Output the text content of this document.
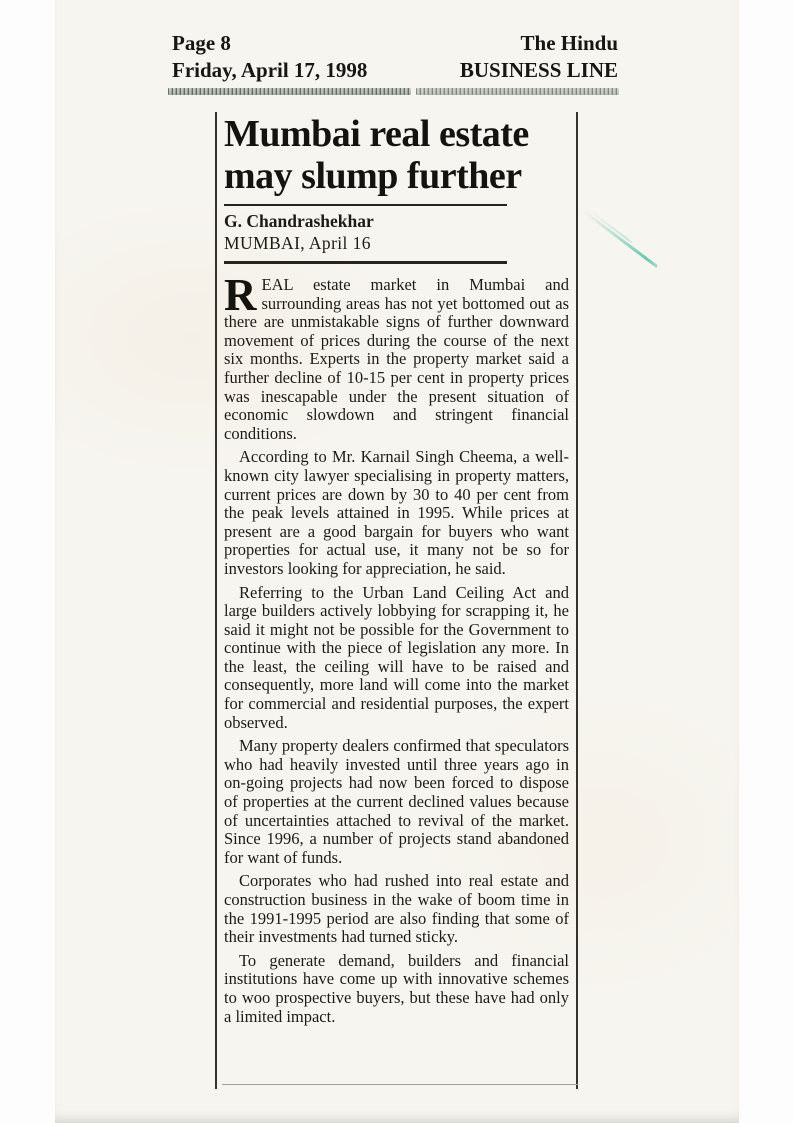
Page 8
Friday, April 17, 1998
The Hindu
BUSINESS LINE
Mumbai real estate may slump further
G. Chandrashekhar
MUMBAI, April 16

REAL estate market in Mumbai and surrounding areas has not yet bottomed out as there are unmistakable signs of further downward movement of prices during the course of the next six months. Experts in the property market said a further decline of 10-15 per cent in property prices was inescapable under the present situation of economic slowdown and stringent financial conditions.

According to Mr. Karnail Singh Cheema, a well-known city lawyer specialising in property matters, current prices are down by 30 to 40 per cent from the peak levels attained in 1995. While prices at present are a good bargain for buyers who want properties for actual use, it many not be so for investors looking for appreciation, he said.

Referring to the Urban Land Ceiling Act and large builders actively lobbying for scrapping it, he said it might not be possible for the Government to continue with the piece of legislation any more. In the least, the ceiling will have to be raised and consequently, more land will come into the market for commercial and residential purposes, the expert observed.

Many property dealers confirmed that speculators who had heavily invested until three years ago in on-going projects had now been forced to dispose of properties at the current declined values because of uncertainties attached to revival of the market. Since 1996, a number of projects stand abandoned for want of funds.

Corporates who had rushed into real estate and construction business in the wake of boom time in the 1991-1995 period are also finding that some of their investments had turned sticky.

To generate demand, builders and financial institutions have come up with innovative schemes to woo prospective buyers, but these have had only a limited impact.
